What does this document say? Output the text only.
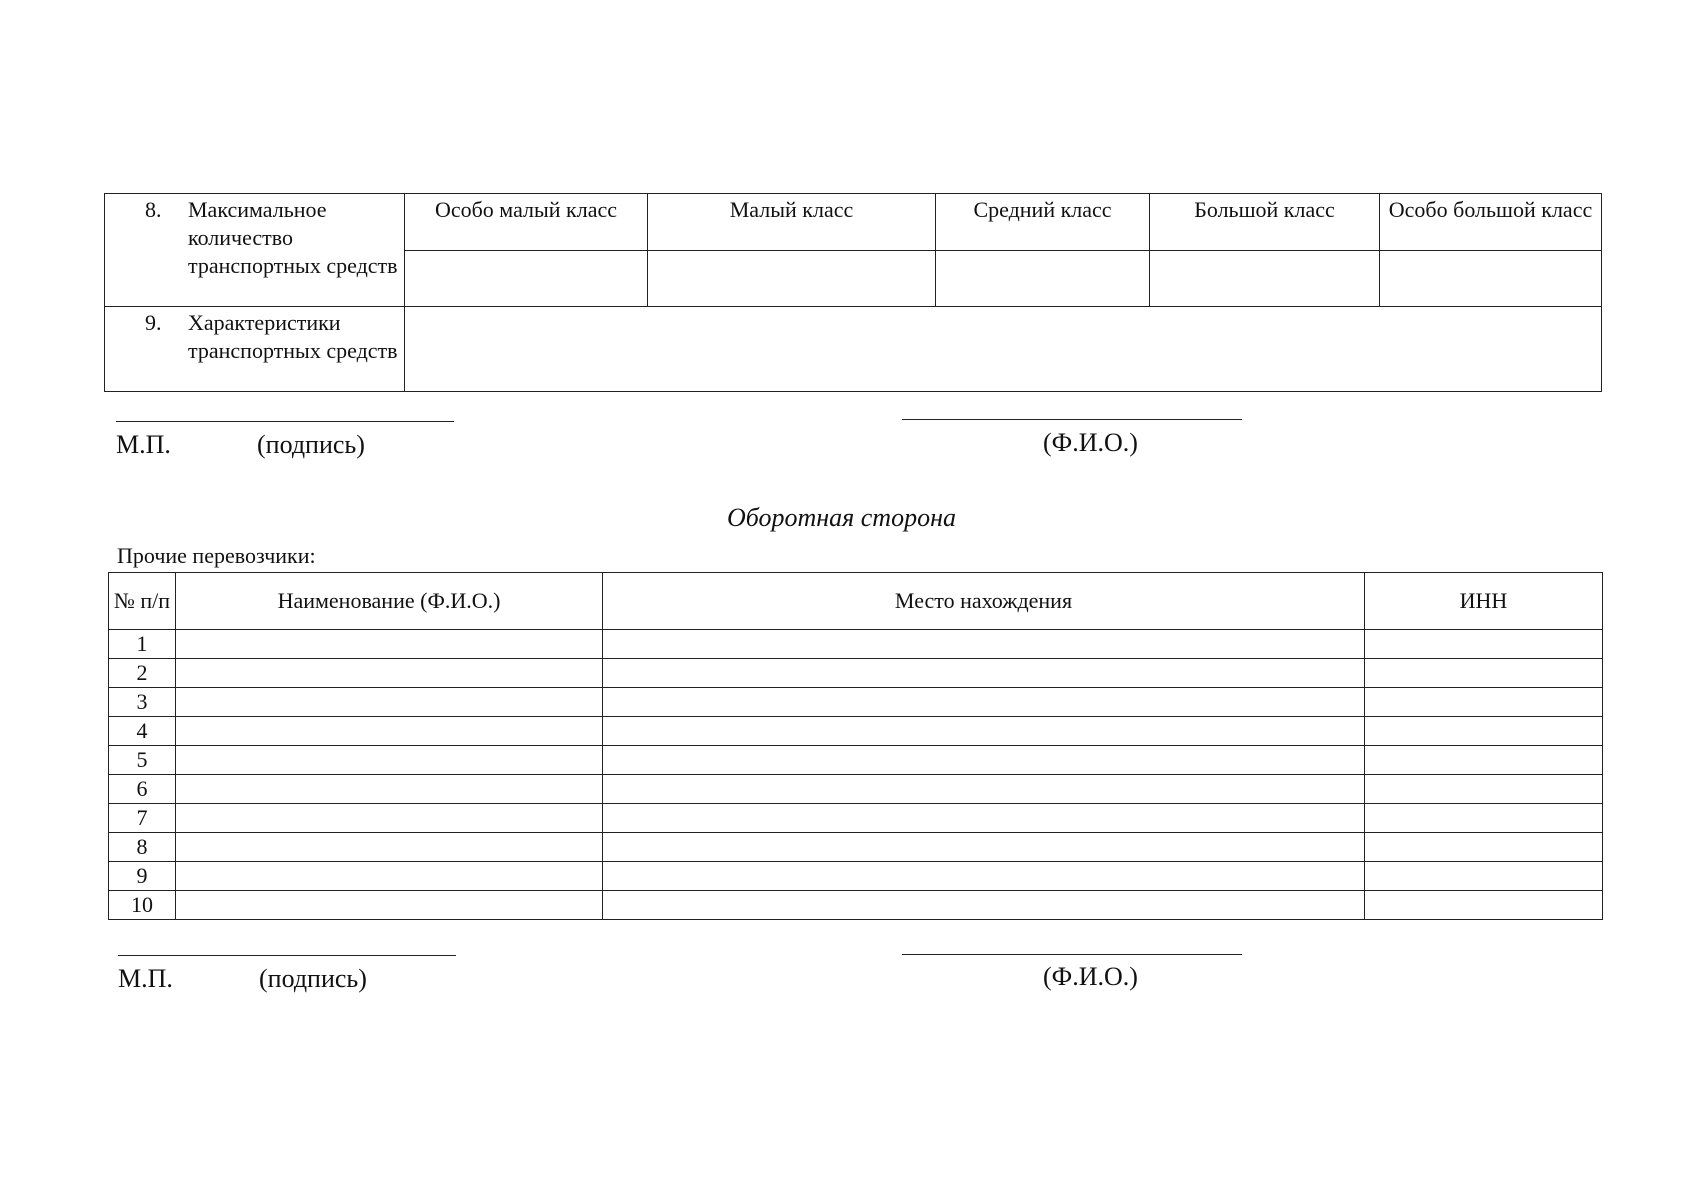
8. Максимальное количество транспортных средств	Особо малый класс	Малый класс	Средний класс	Большой класс	Особо большой класс

9. Характеристики транспортных средств					

М.П.	(подпись)	(Ф.И.О.)
Оборотная сторона
Прочие перевозчики:
№ п/п	Наименование (Ф.И.О.)	Место нахождения	ИНН
1			
2			
3			
4			
5			
6			
7			
8			
9			
10			
М.П.	(подпись)	(Ф.И.О.)
